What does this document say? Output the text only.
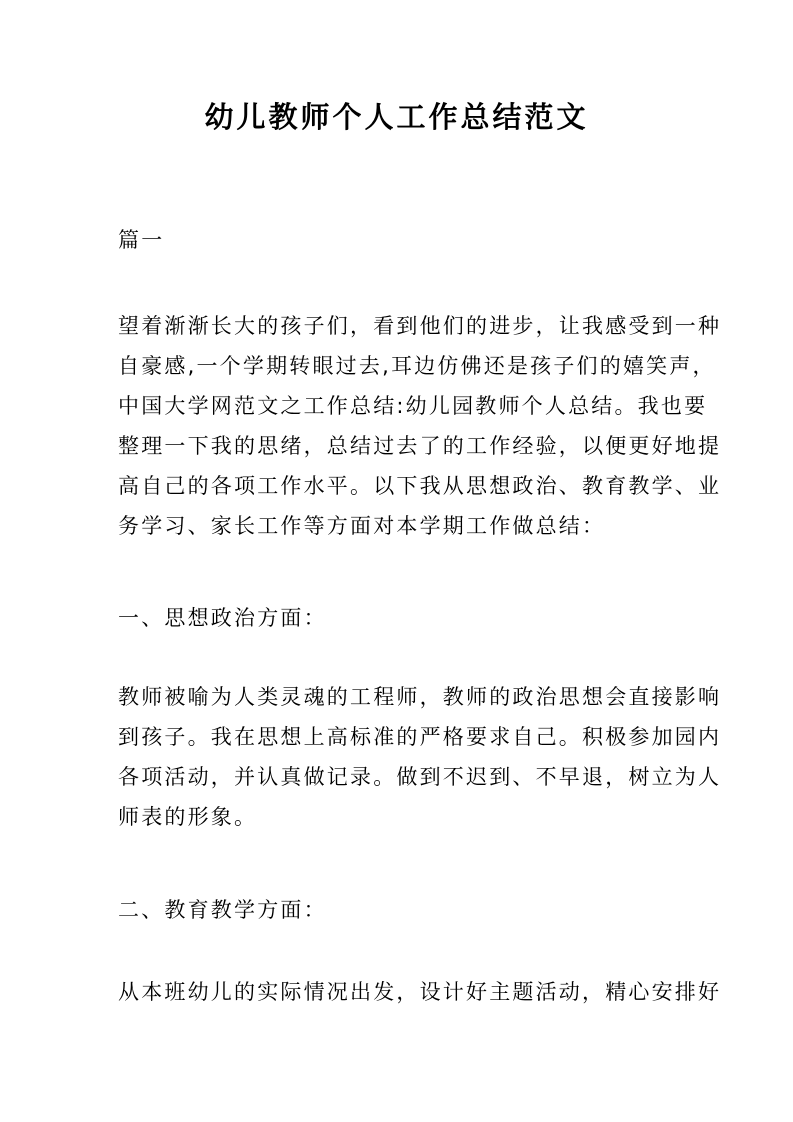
幼儿教师个人工作总结范文

篇一

望着渐渐长大的孩子们，看到他们的进步，让我感受到一种
自豪感,一个学期转眼过去,耳边仿佛还是孩子们的嬉笑声，
中国大学网范文之工作总结:幼儿园教师个人总结。我也要
整理一下我的思绪，总结过去了的工作经验，以便更好地提
高自己的各项工作水平。以下我从思想政治、教育教学、业
务学习、家长工作等方面对本学期工作做总结：

一、思想政治方面：

教师被喻为人类灵魂的工程师，教师的政治思想会直接影响
到孩子。我在思想上高标准的严格要求自己。积极参加园内
各项活动，并认真做记录。做到不迟到、不早退，树立为人
师表的形象。

二、教育教学方面：

从本班幼儿的实际情况出发，设计好主题活动，精心安排好
